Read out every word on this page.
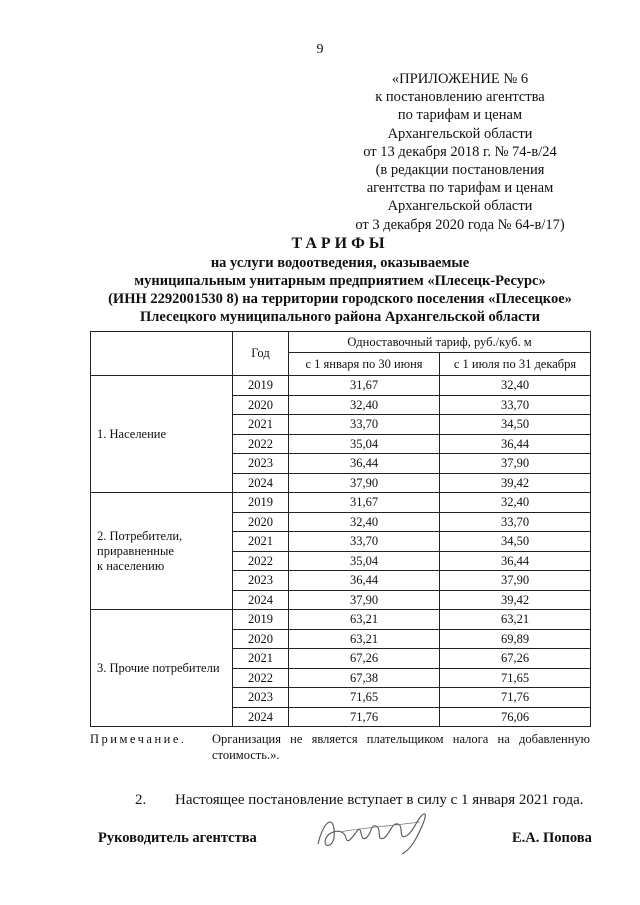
9
«ПРИЛОЖЕНИЕ № 6
к постановлению агентства
по тарифам и ценам
Архангельской области
от 13 декабря 2018 г. № 74-в/24
(в редакции постановления
агентства по тарифам и ценам
Архангельской области
от 3 декабря 2020 года № 64-в/17)
ТАРИФЫ
на услуги водоотведения, оказываемые
муниципальным унитарным предприятием «Плесецк-Ресурс»
(ИНН 2292001530 8) на территории городского поселения «Плесецкое»
Плесецкого муниципального района Архангельской области
	Год	Одноставочный тариф, руб./куб. м	
		с 1 января по 30 июня	с 1 июля по 31 декабря
1. Население	2019	31,67	32,40
	2020	32,40	33,70
	2021	33,70	34,50
	2022	35,04	36,44
	2023	36,44	37,90
	2024	37,90	39,42
2. Потребители,
приравненные
к населению	2019	31,67	32,40
	2020	32,40	33,70
	2021	33,70	34,50
	2022	35,04	36,44
	2023	36,44	37,90
	2024	37,90	39,42
3. Прочие потребители	2019	63,21	63,21
	2020	63,21	69,89
	2021	67,26	67,26
	2022	67,38	71,65
	2023	71,65	71,76
	2024	71,76	76,06
Примечание. Организация не является плательщиком налога на добавленную стоимость.».
2. Настоящее постановление вступает в силу с 1 января 2021 года.
Руководитель агентства	Е.А. Попова
